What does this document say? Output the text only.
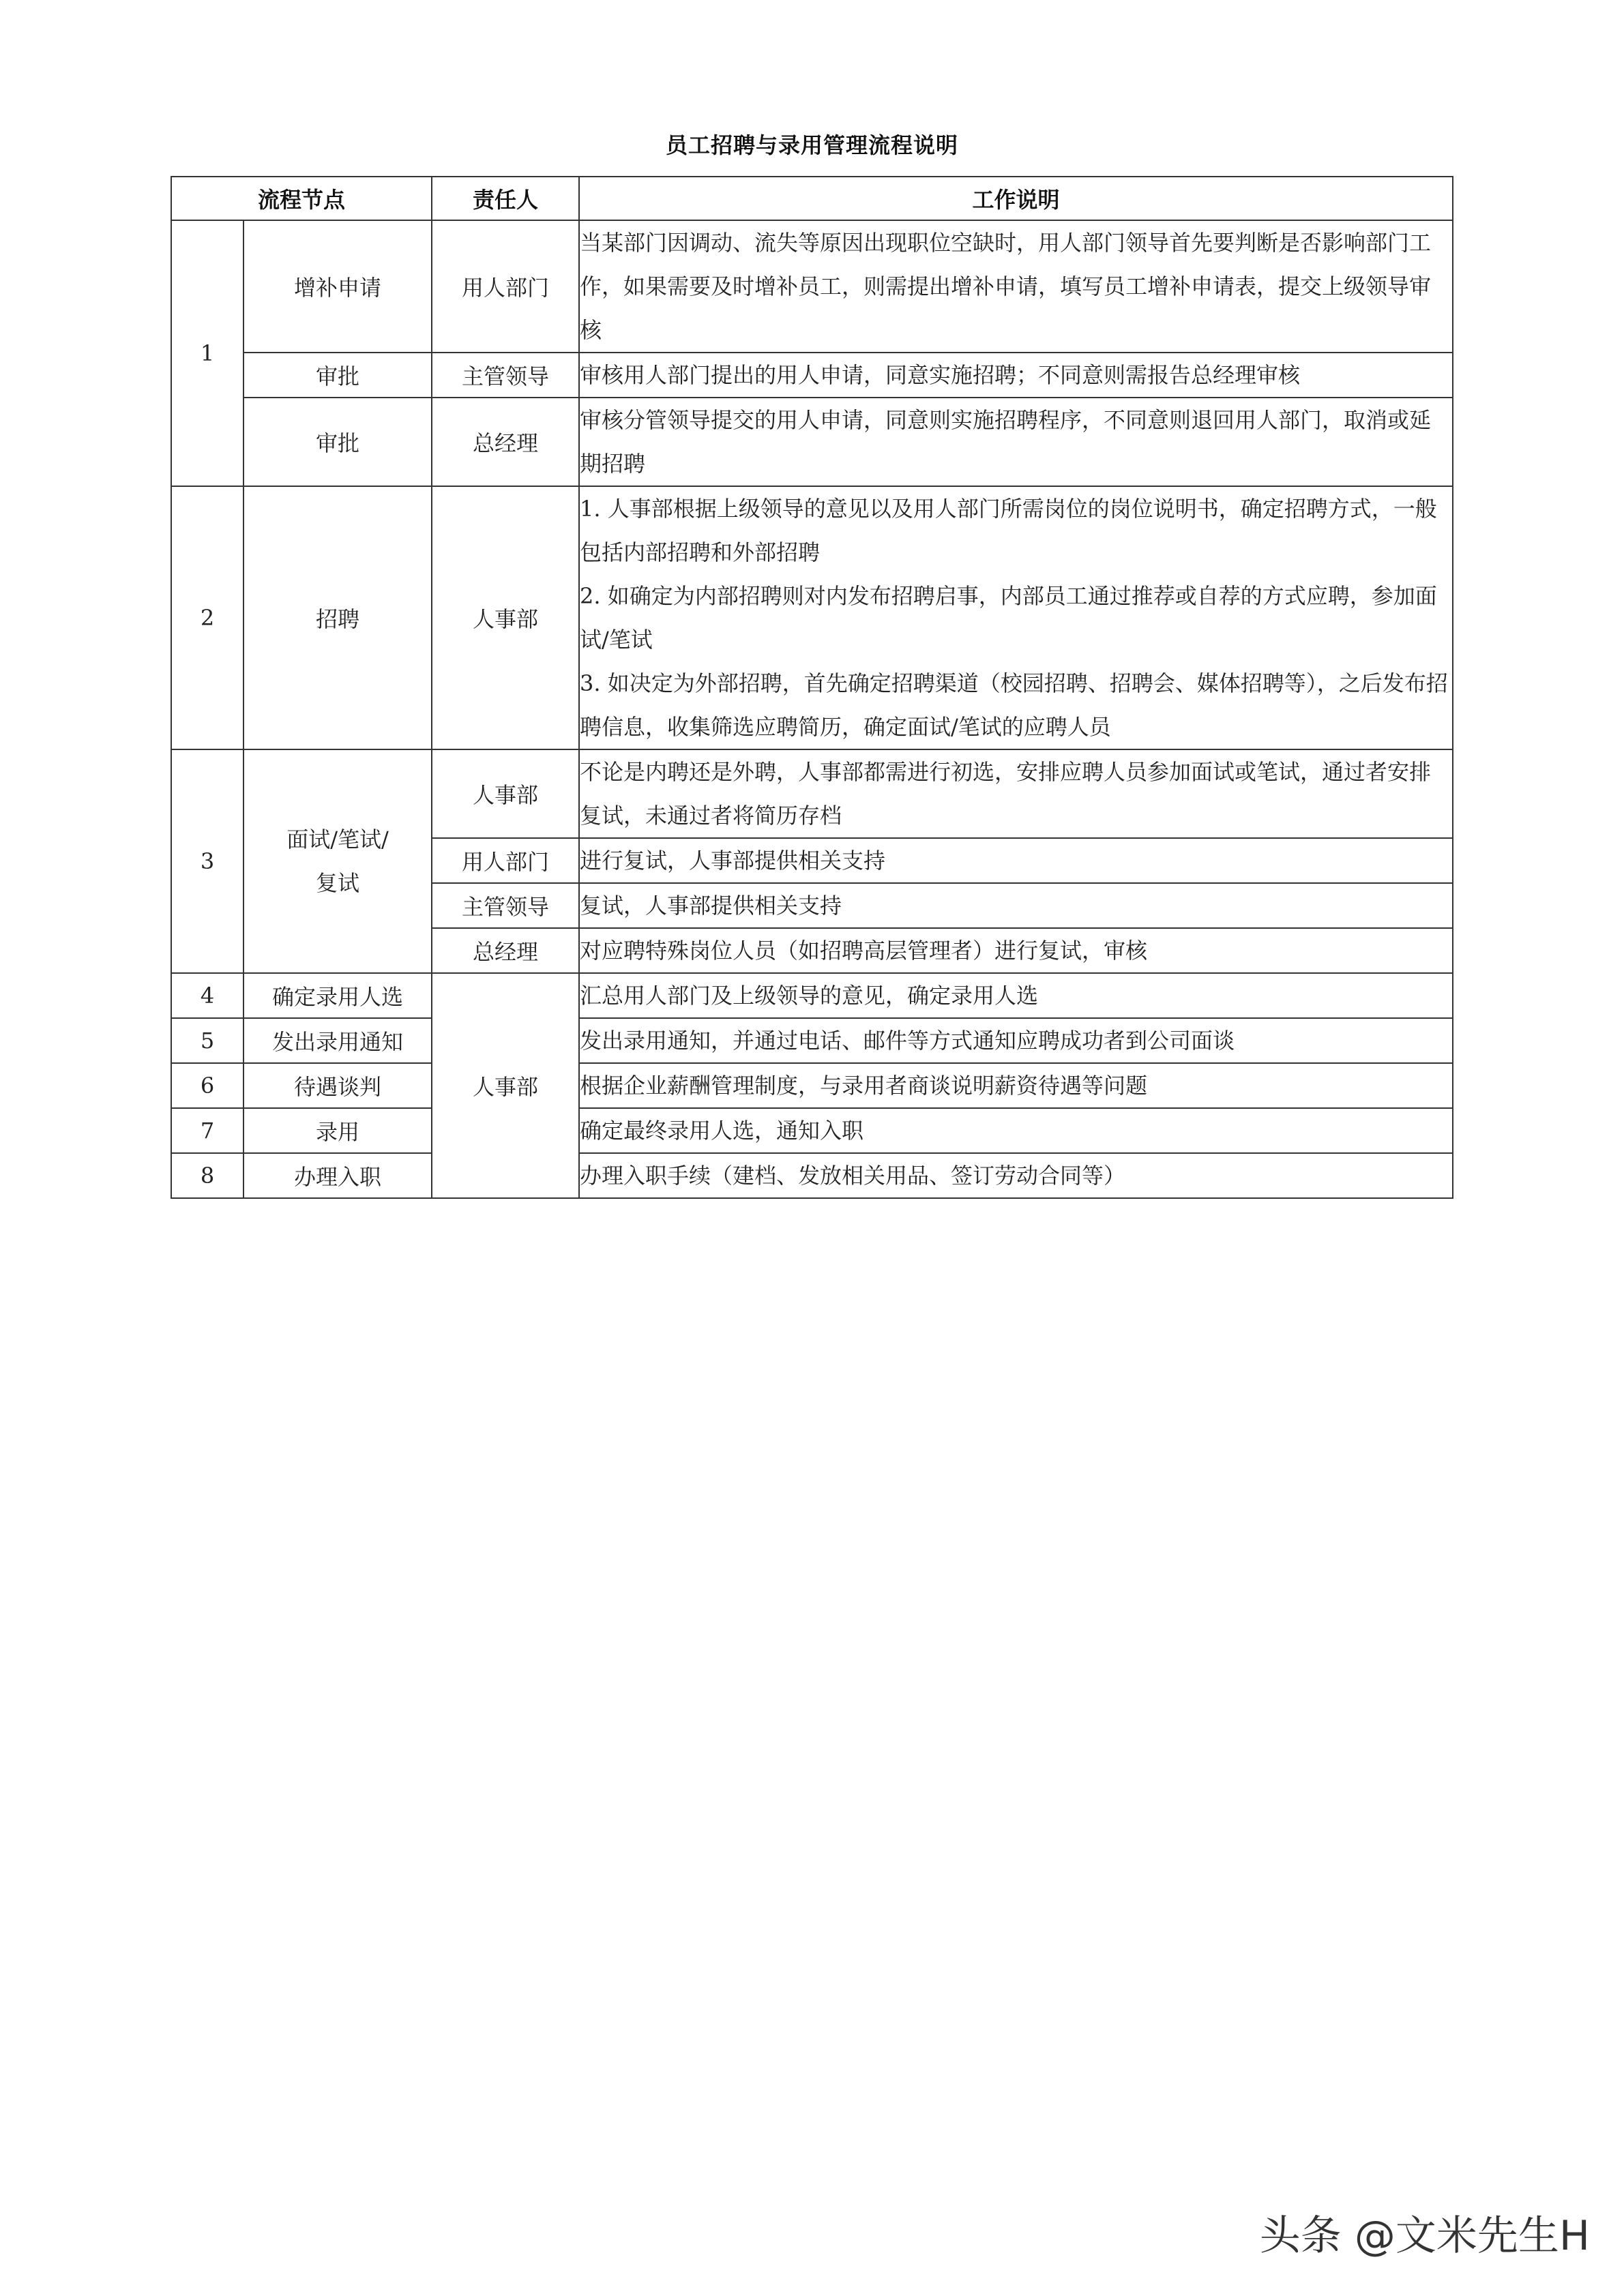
员工招聘与录用管理流程说明
流程节点		责任人	工作说明
1	增补申请	用人部门	当某部门因调动、流失等原因出现职位空缺时，用人部门领导首先要判断是否影响部门工作，如果需要及时增补员工，则需提出增补申请，填写员工增补申请表，提交上级领导审核
	审批	主管领导	审核用人部门提出的用人申请，同意实施招聘；不同意则需报告总经理审核
	审批	总经理	审核分管领导提交的用人申请，同意则实施招聘程序，不同意则退回用人部门，取消或延期招聘
2	招聘	人事部	1. 人事部根据上级领导的意见以及用人部门所需岗位的岗位说明书，确定招聘方式，一般包括内部招聘和外部招聘
2. 如确定为内部招聘则对内发布招聘启事，内部员工通过推荐或自荐的方式应聘，参加面试/笔试
3. 如决定为外部招聘，首先确定招聘渠道（校园招聘、招聘会、媒体招聘等），之后发布招聘信息，收集筛选应聘简历，确定面试/笔试的应聘人员

3	面试/笔试/复试	人事部	不论是内聘还是外聘，人事部都需进行初选，安排应聘人员参加面试或笔试，通过者安排复试，未通过者将简历存档
		用人部门	进行复试，人事部提供相关支持
		主管领导	复试，人事部提供相关支持
		总经理	对应聘特殊岗位人员（如招聘高层管理者）进行复试，审核
4	确定录用人选	人事部	汇总用人部门及上级领导的意见，确定录用人选
5	发出录用通知		发出录用通知，并通过电话、邮件等方式通知应聘成功者到公司面谈
6	待遇谈判		根据企业薪酬管理制度，与录用者商谈说明薪资待遇等问题
7	录用		确定最终录用人选，通知入职
8	办理入职		办理入职手续（建档、发放相关用品、签订劳动合同等）
头条 @文米先生H
